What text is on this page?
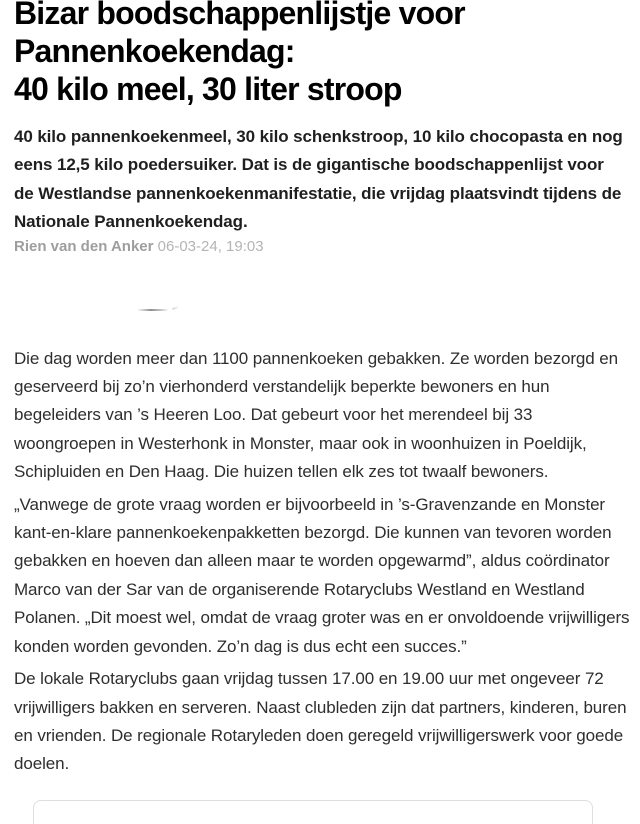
Bizar boodschappenlijstje voor
Pannenkoekendag:
40 kilo meel, 30 liter stroop

40 kilo pannenkoekenmeel, 30 kilo schenkstroop, 10 kilo chocopasta en nog eens 12,5 kilo poedersuiker. Dat is de gigantische boodschappenlijst voor de Westlandse pannenkoekenmanifestatie, die vrijdag plaatsvindt tijdens de Nationale Pannenkoekendag.

Rien van den Anker 06-03-24, 19:03

Die dag worden meer dan 1100 pannenkoeken gebakken. Ze worden bezorgd en geserveerd bij zo’n vierhonderd verstandelijk beperkte bewoners en hun begeleiders van ’s Heeren Loo. Dat gebeurt voor het merendeel bij 33 woongroepen in Westerhonk in Monster, maar ook in woonhuizen in Poeldijk, Schipluiden en Den Haag. Die huizen tellen elk zes tot twaalf bewoners.

„Vanwege de grote vraag worden er bijvoorbeeld in ’s-Gravenzande en Monster kant-en-klare pannenkoekenpakketten bezorgd. Die kunnen van tevoren worden gebakken en hoeven dan alleen maar te worden opgewarmd”, aldus coördinator Marco van der Sar van de organiserende Rotaryclubs Westland en Westland Polanen. „Dit moest wel, omdat de vraag groter was en er onvoldoende vrijwilligers konden worden gevonden. Zo’n dag is dus echt een succes.”

De lokale Rotaryclubs gaan vrijdag tussen 17.00 en 19.00 uur met ongeveer 72 vrijwilligers bakken en serveren. Naast clubleden zijn dat partners, kinderen, buren en vrienden. De regionale Rotaryleden doen geregeld vrijwilligerswerk voor goede doelen.
